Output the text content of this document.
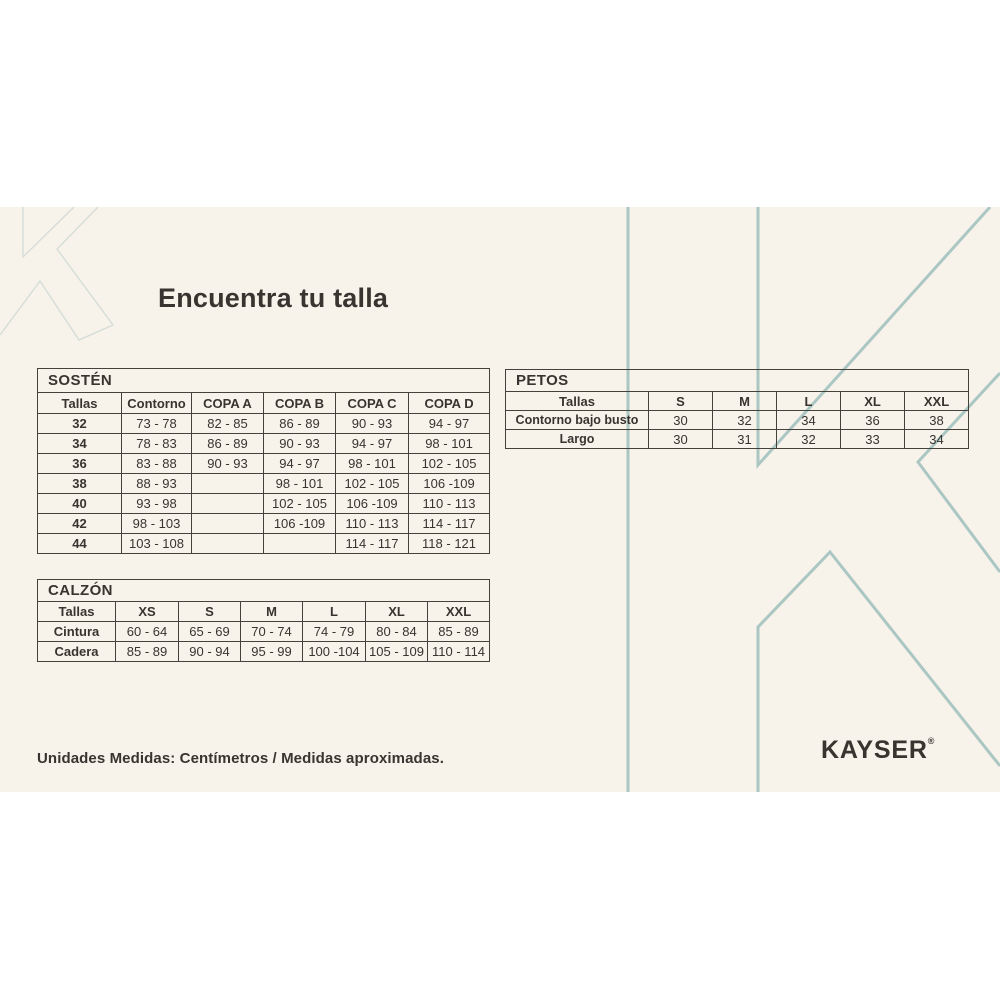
Encuentra tu talla
SOSTÉN					
Tallas	Contorno	COPA A	COPA B	COPA C	COPA D
32	73 - 78	82 - 85	86 - 89	90 - 93	94 - 97
34	78 - 83	86 - 89	90 - 93	94 - 97	98 - 101
36	83 - 88	90 - 93	94 - 97	98 - 101	102 - 105
38	88 - 93		98 - 101	102 - 105	106 -109
40	93 - 98		102 - 105	106 -109	110 - 113
42	98 - 103		106 -109	110 - 113	114 - 117
44	103 - 108			114 - 117	118 - 121
PETOS					
Tallas	S	M	L	XL	XXL
Contorno bajo busto	30	32	34	36	38
Largo	30	31	32	33	34
CALZÓN						
Tallas	XS	S	M	L	XL	XXL
Cintura	60 - 64	65 - 69	70 - 74	74 - 79	80 - 84	85 - 89
Cadera	85 - 89	90 - 94	95 - 99	100 -104	105 - 109	110 - 114
Unidades Medidas: Centímetros / Medidas aproximadas.	KAYSER®
